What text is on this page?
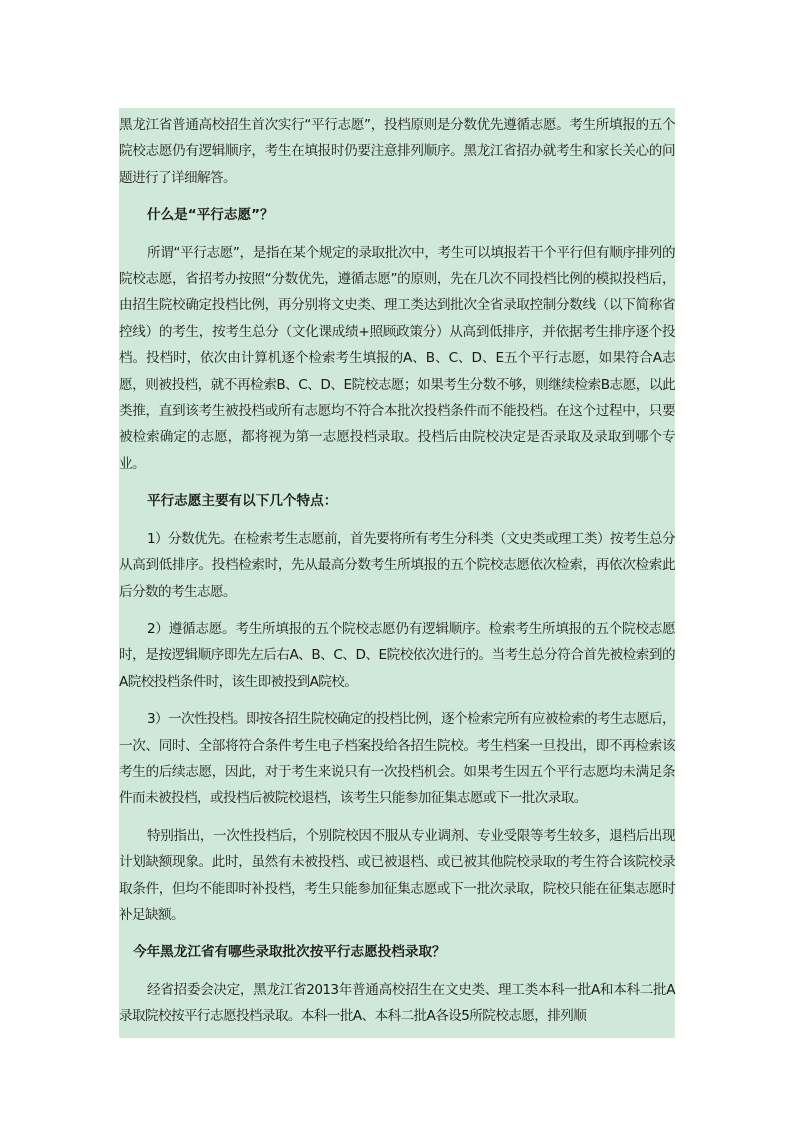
黑龙江省普通高校招生首次实行“平行志愿”，投档原则是分数优先遵循志愿。考生所填报的五个院校志愿仍有逻辑顺序，考生在填报时仍要注意排列顺序。黑龙江省招办就考生和家长关心的问题进行了详细解答。

什么是“平行志愿”？

所谓“平行志愿”，是指在某个规定的录取批次中，考生可以填报若干个平行但有顺序排列的院校志愿，省招考办按照“分数优先，遵循志愿”的原则，先在几次不同投档比例的模拟投档后，由招生院校确定投档比例，再分别将文史类、理工类达到批次全省录取控制分数线（以下简称省控线）的考生，按考生总分（文化课成绩+照顾政策分）从高到低排序，并依据考生排序逐个投档。投档时，依次由计算机逐个检索考生填报的A、B、C、D、E五个平行志愿，如果符合A志愿，则被投档，就不再检索B、C、D、E院校志愿；如果考生分数不够，则继续检索B志愿，以此类推，直到该考生被投档或所有志愿均不符合本批次投档条件而不能投档。在这个过程中，只要被检索确定的志愿，都将视为第一志愿投档录取。投档后由院校决定是否录取及录取到哪个专业。

平行志愿主要有以下几个特点：

1）分数优先。在检索考生志愿前，首先要将所有考生分科类（文史类或理工类）按考生总分从高到低排序。投档检索时，先从最高分数考生所填报的五个院校志愿依次检索，再依次检索此后分数的考生志愿。

2）遵循志愿。考生所填报的五个院校志愿仍有逻辑顺序。检索考生所填报的五个院校志愿时，是按逻辑顺序即先左后右A、B、C、D、E院校依次进行的。当考生总分符合首先被检索到的A院校投档条件时，该生即被投到A院校。

3）一次性投档。即按各招生院校确定的投档比例，逐个检索完所有应被检索的考生志愿后，一次、同时、全部将符合条件考生电子档案投给各招生院校。考生档案一旦投出，即不再检索该考生的后续志愿，因此，对于考生来说只有一次投档机会。如果考生因五个平行志愿均未满足条件而未被投档，或投档后被院校退档，该考生只能参加征集志愿或下一批次录取。

特别指出，一次性投档后，个别院校因不服从专业调剂、专业受限等考生较多，退档后出现计划缺额现象。此时，虽然有未被投档、或已被退档、或已被其他院校录取的考生符合该院校录取条件，但均不能即时补投档，考生只能参加征集志愿或下一批次录取，院校只能在征集志愿时补足缺额。

今年黑龙江省有哪些录取批次按平行志愿投档录取？

经省招委会决定，黑龙江省2013年普通高校招生在文史类、理工类本科一批A和本科二批A录取院校按平行志愿投档录取。本科一批A、本科二批A各设5所院校志愿，排列顺
